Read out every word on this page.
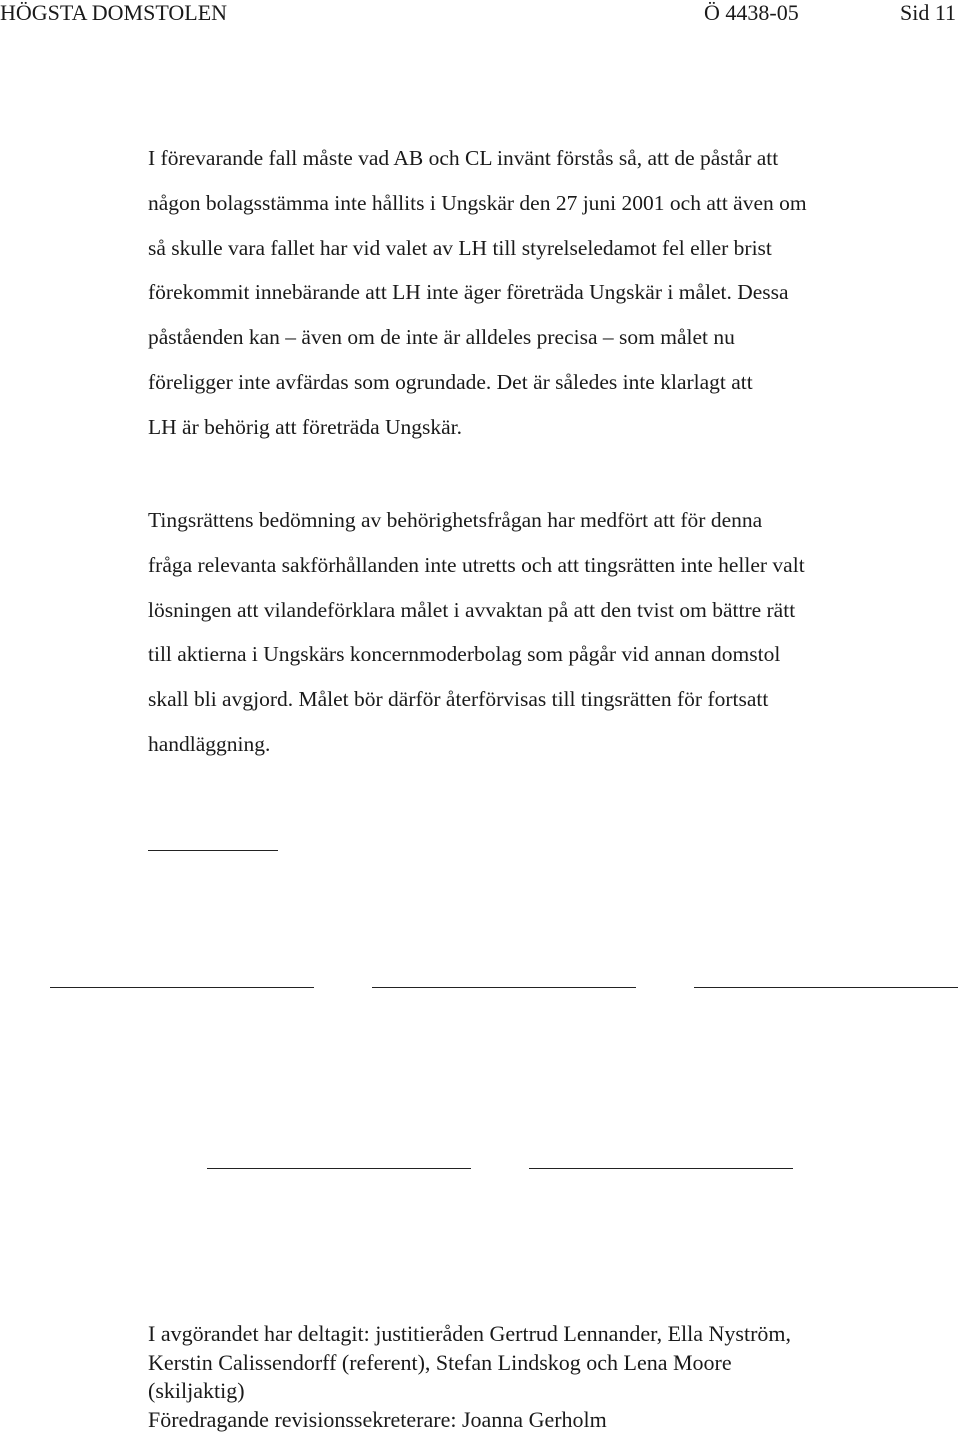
HÖGSTA DOMSTOLEN	Ö 4438-05	Sid 11

I förevarande fall måste vad AB och CL invänt förstås så, att de påstår att
någon bolagsstämma inte hållits i Ungskär den 27 juni 2001 och att även om
så skulle vara fallet har vid valet av LH till styrelseledamot fel eller brist
förekommit innebärande att LH inte äger företräda Ungskär i målet. Dessa
påståenden kan – även om de inte är alldeles precisa – som målet nu
föreligger inte avfärdas som ogrundade. Det är således inte klarlagt att
LH är behörig att företräda Ungskär.

Tingsrättens bedömning av behörighetsfrågan har medfört att för denna
fråga relevanta sakförhållanden inte utretts och att tingsrätten inte heller valt
lösningen att vilandeförklara målet i avvaktan på att den tvist om bättre rätt
till aktierna i Ungskärs koncernmoderbolag som pågår vid annan domstol
skall bli avgjord. Målet bör därför återförvisas till tingsrätten för fortsatt
handläggning.

I avgörandet har deltagit: justitieråden Gertrud Lennander, Ella Nyström,
Kerstin Calissendorff (referent), Stefan Lindskog och Lena Moore
(skiljaktig)
Föredragande revisionssekreterare: Joanna Gerholm
